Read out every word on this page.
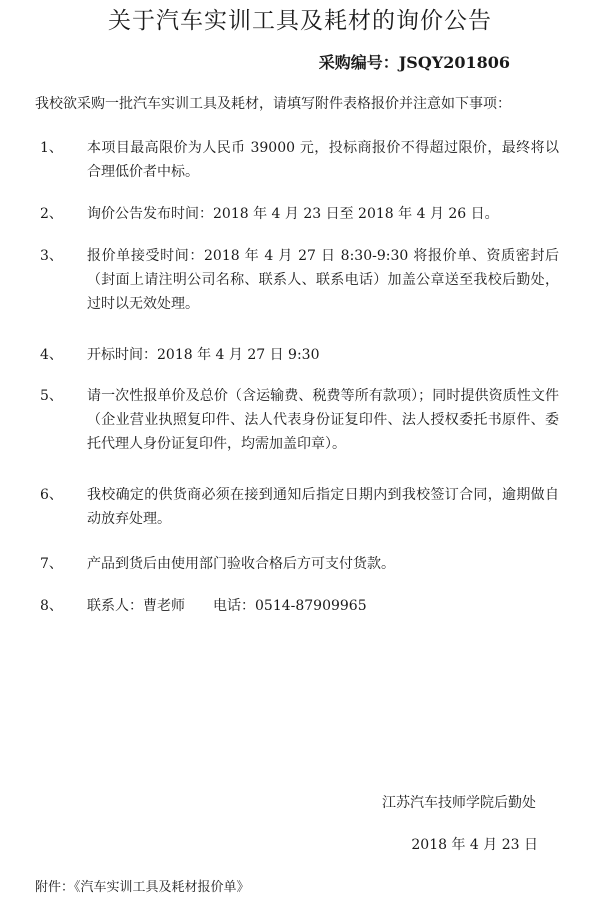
关于汽车实训工具及耗材的询价公告
采购编号：JSQY201806
我校欲采购一批汽车实训工具及耗材，请填写附件表格报价并注意如下事项：
1、 本项目最高限价为人民币 39000 元，投标商报价不得超过限价，最终将以合理低价者中标。
2、 询价公告发布时间：2018 年 4 月 23 日至 2018 年 4 月 26 日。
3、 报价单接受时间：2018 年 4 月 27 日 8:30-9:30 将报价单、资质密封后（封面上请注明公司名称、联系人、联系电话）加盖公章送至我校后勤处，过时以无效处理。
4、 开标时间：2018 年 4 月 27 日 9:30
5、 请一次性报单价及总价（含运输费、税费等所有款项）；同时提供资质性文件（企业营业执照复印件、法人代表身份证复印件、法人授权委托书原件、委托代理人身份证复印件，均需加盖印章）。
6、 我校确定的供货商必须在接到通知后指定日期内到我校签订合同，逾期做自动放弃处理。
7、 产品到货后由使用部门验收合格后方可支付货款。
8、 联系人：曹老师　　电话：0514-87909965
江苏汽车技师学院后勤处
2018 年 4 月 23 日
附件：《汽车实训工具及耗材报价单》
